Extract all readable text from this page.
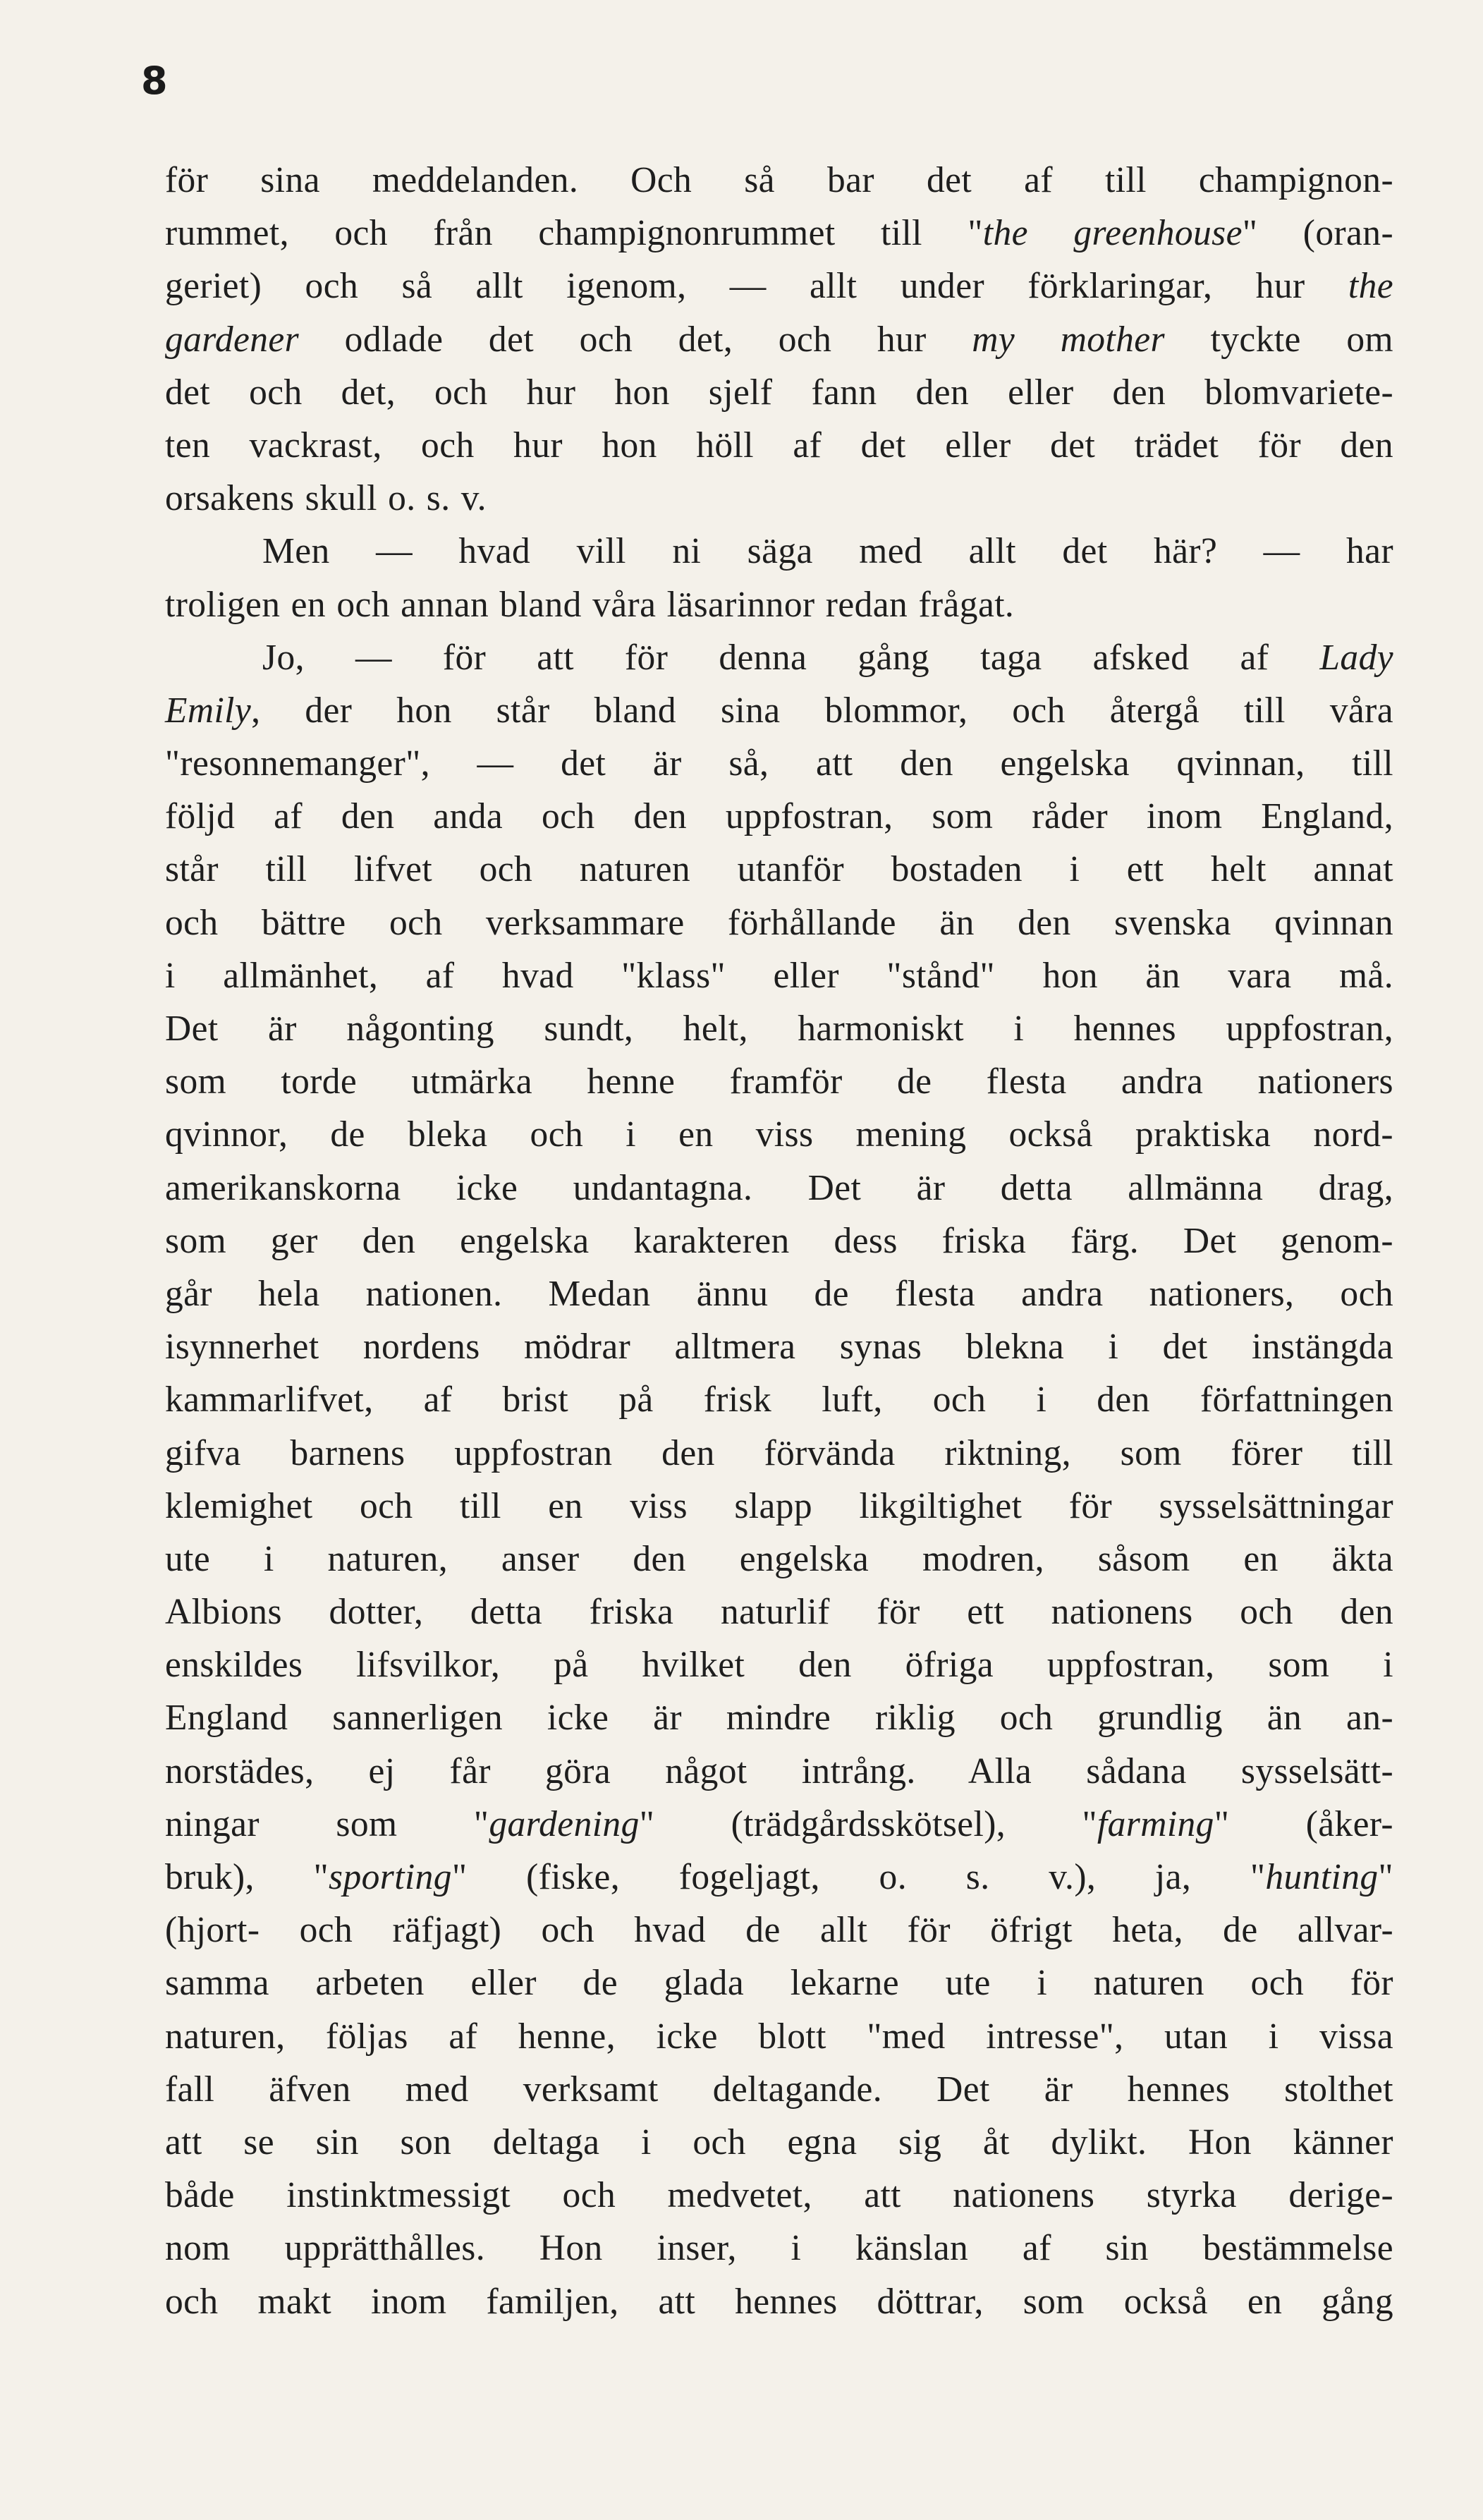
8
för sina meddelanden. Och så bar det af till champignon-
rummet, och från champignonrummet till "the greenhouse" (oran-
geriet) och så allt igenom, — allt under förklaringar, hur the
gardener odlade det och det, och hur my mother tyckte om
det och det, och hur hon sjelf fann den eller den blomvariete-
ten vackrast, och hur hon höll af det eller det trädet för den
orsakens skull o. s. v.
Men — hvad vill ni säga med allt det här? — har
troligen en och annan bland våra läsarinnor redan frågat.
Jo, — för att för denna gång taga afsked af Lady
Emily, der hon står bland sina blommor, och återgå till våra
"resonnemanger", — det är så, att den engelska qvinnan, till
följd af den anda och den uppfostran, som råder inom England,
står till lifvet och naturen utanför bostaden i ett helt annat
och bättre och verksammare förhållande än den svenska qvinnan
i allmänhet, af hvad "klass" eller "stånd" hon än vara må.
Det är någonting sundt, helt, harmoniskt i hennes uppfostran,
som torde utmärka henne framför de flesta andra nationers
qvinnor, de bleka och i en viss mening också praktiska nord-
amerikanskorna icke undantagna. Det är detta allmänna drag,
som ger den engelska karakteren dess friska färg. Det genom-
går hela nationen. Medan ännu de flesta andra nationers, och
isynnerhet nordens mödrar alltmera synas blekna i det instängda
kammarlifvet, af brist på frisk luft, och i den författningen
gifva barnens uppfostran den förvända riktning, som förer till
klemighet och till en viss slapp likgiltighet för sysselsättningar
ute i naturen, anser den engelska modren, såsom en äkta
Albions dotter, detta friska naturlif för ett nationens och den
enskildes lifsvilkor, på hvilket den öfriga uppfostran, som i
England sannerligen icke är mindre riklig och grundlig än an-
norstädes, ej får göra något intrång. Alla sådana sysselsätt-
ningar som "gardening" (trädgårdsskötsel), "farming" (åker-
bruk), "sporting" (fiske, fogeljagt, o. s. v.), ja, "hunting"
(hjort- och räfjagt) och hvad de allt för öfrigt heta, de allvar-
samma arbeten eller de glada lekarne ute i naturen och för
naturen, följas af henne, icke blott "med intresse", utan i vissa
fall äfven med verksamt deltagande. Det är hennes stolthet
att se sin son deltaga i och egna sig åt dylikt. Hon känner
både instinktmessigt och medvetet, att nationens styrka derige-
nom upprätthålles. Hon inser, i känslan af sin bestämmelse
och makt inom familjen, att hennes döttrar, som också en gång
